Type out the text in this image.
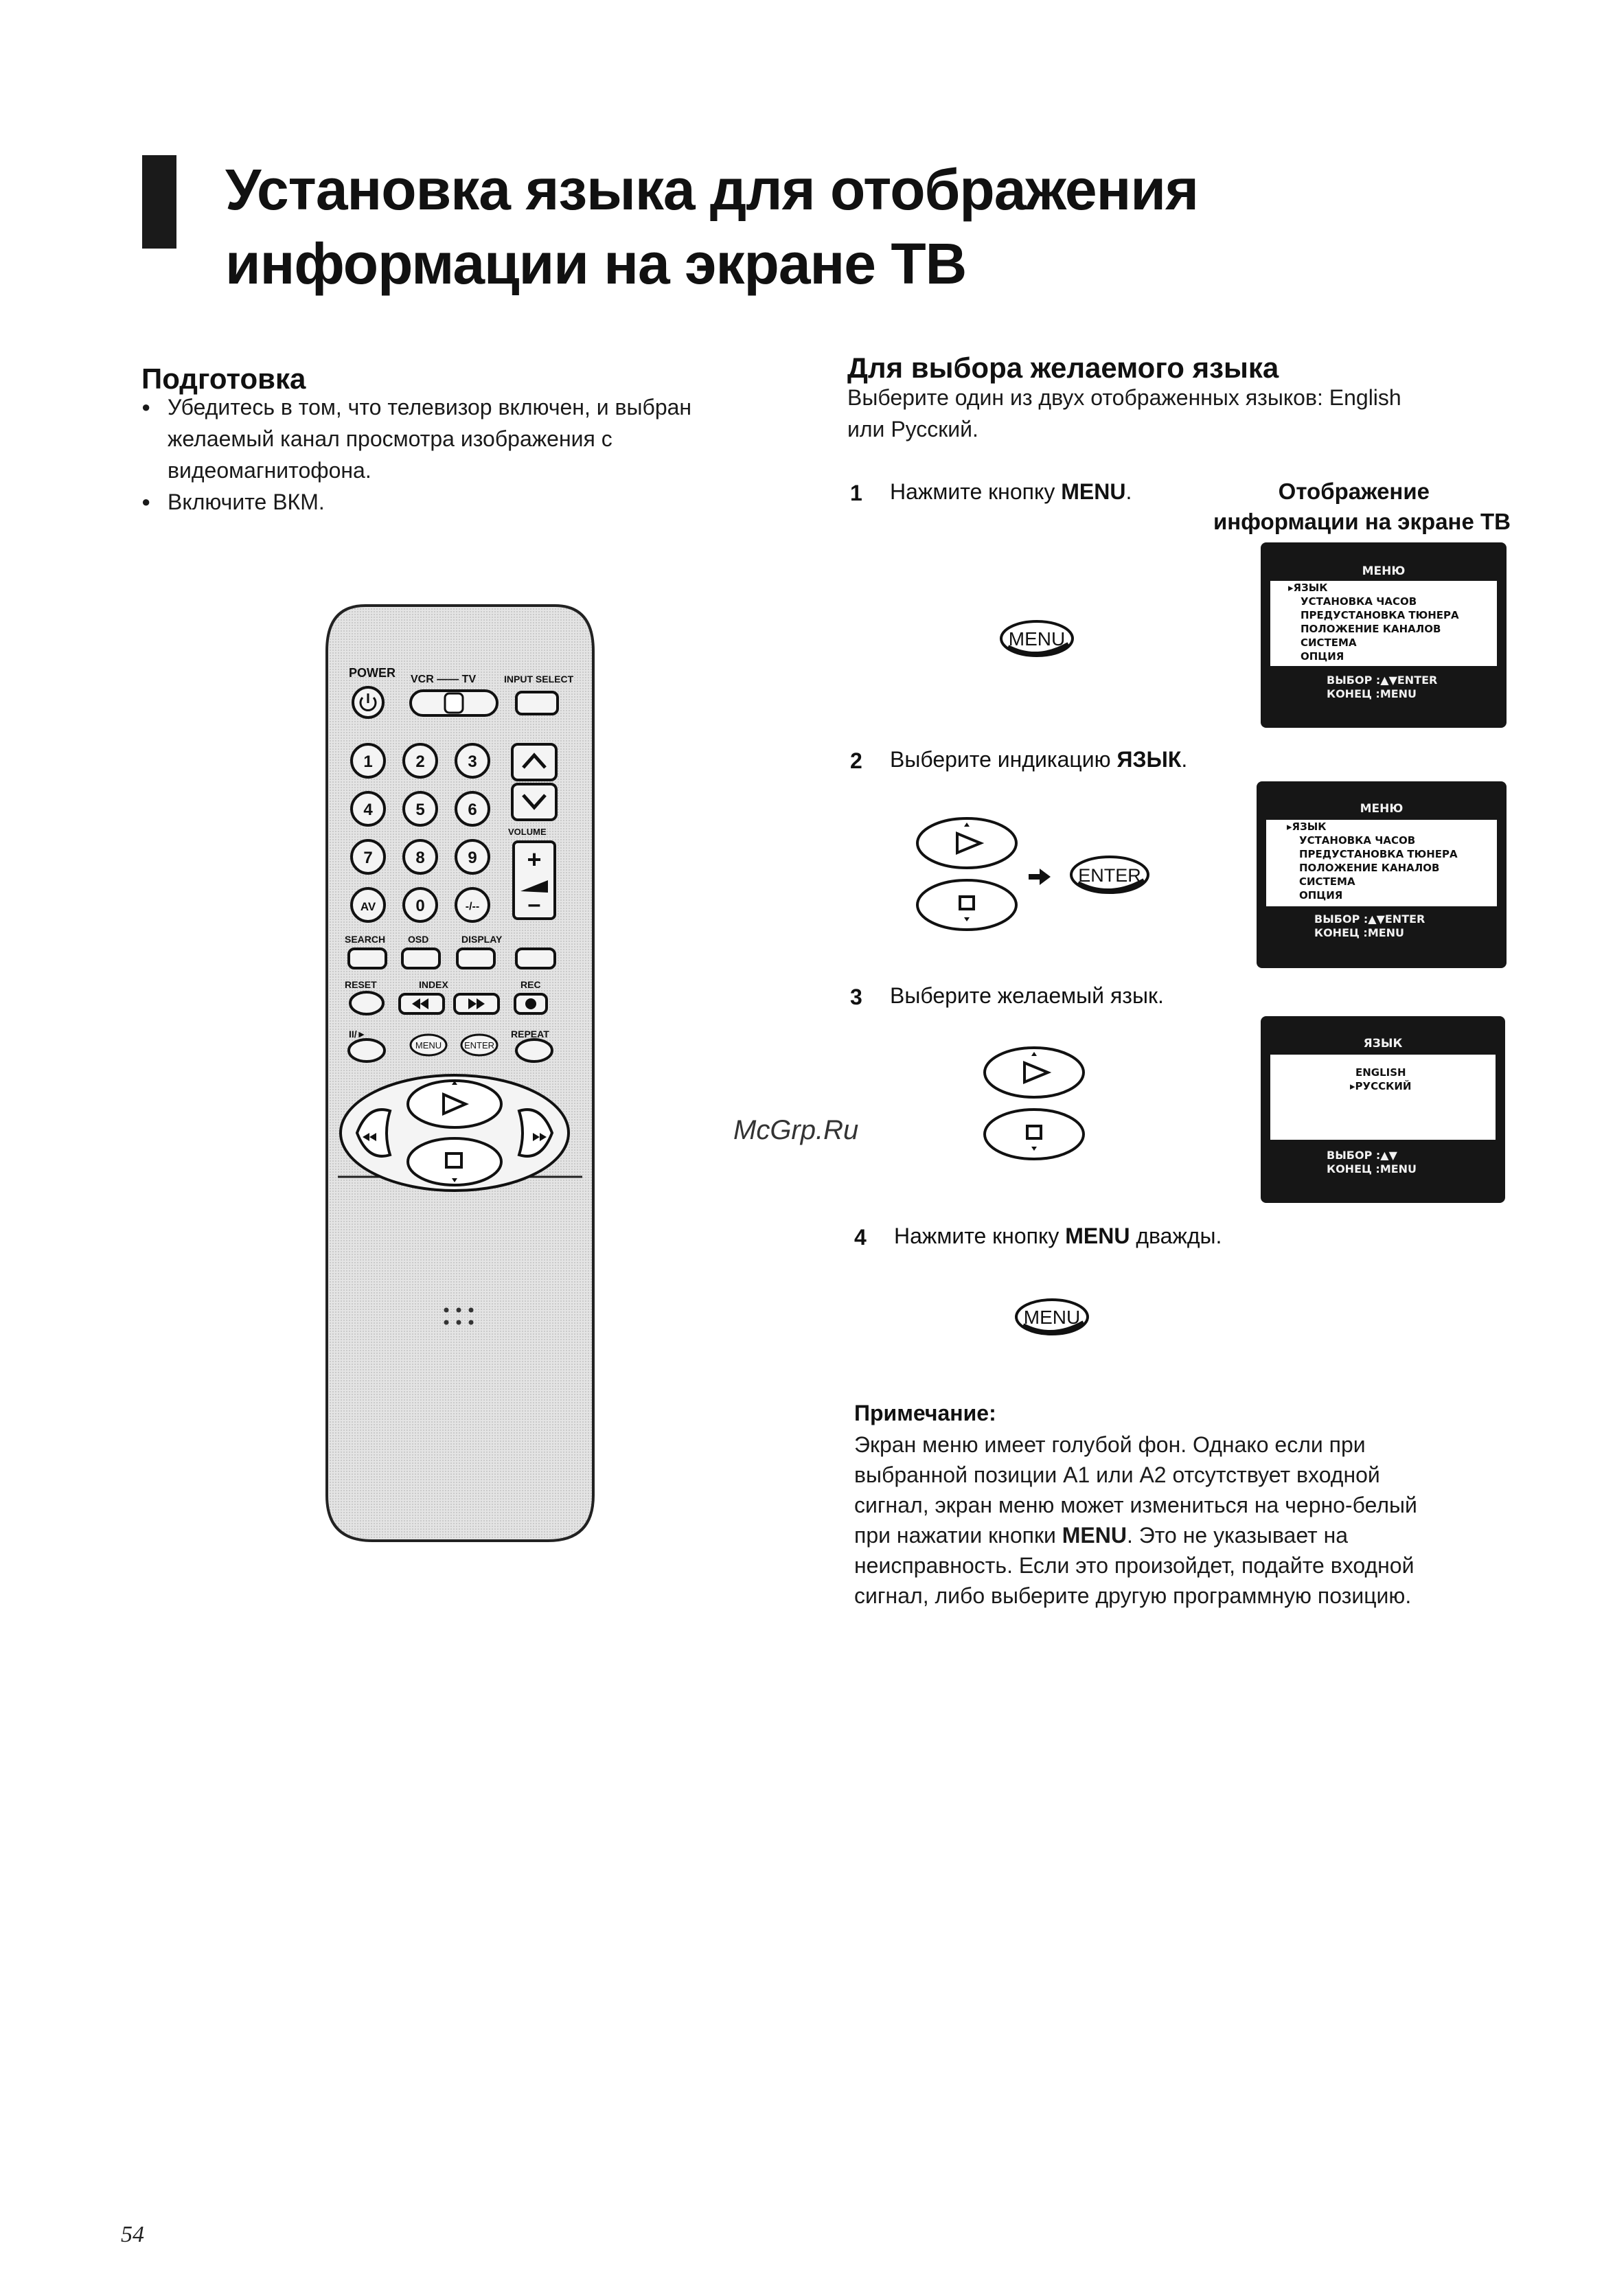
Установка языка для отображения
информации на экране ТВ
Подготовка
● Убедитесь в том, что телевизор включен, и выбран желаемый канал просмотра изображения с видеомагнитофона.
● Включите ВКМ.
POWER VCR —— TV	INPUT SELECT
1	2	3
4	5	6
7	8	9
AV 0	-/--
VOLUME
+
–
SEARCH OSD	DISPLAY
RESET	INDEX	REC
II/►	REPEAT
MENU	ENTER
Для выбора желаемого языка
Выберите один из двух отображенных языков: English
или Русский.
1 Нажмите кнопку MENU.	Отображение
информации на экране ТВ
MENU
МЕНЮ
▸ЯЗЫК
УСТАНОВКА ЧАСОВ
ПРЕДУСТАНОВКА ТЮНЕРА
ПОЛОЖЕНИЕ КАНАЛОВ
СИСТЕМА
ОПЦИЯ
ВЫБОР :▲▼ENTER
КОНЕЦ :MENU
2 Выберите индикацию ЯЗЫК.
ENTER
МЕНЮ
▸ЯЗЫК
УСТАНОВКА ЧАСОВ
ПРЕДУСТАНОВКА ТЮНЕРА
ПОЛОЖЕНИЕ КАНАЛОВ
СИСТЕМА
ОПЦИЯ
ВЫБОР :▲▼ENTER
КОНЕЦ :MENU
3 Выберите желаемый язык.
ЯЗЫК
ENGLISH
▸РУССКИЙ
ВЫБОР :▲▼
КОНЕЦ :MENU
McGrp.Ru
4 Нажмите кнопку MENU дважды.
MENU
Примечание:
Экран меню имеет голубой фон. Однако если при
выбранной позиции A1 или A2 отсутствует входной
сигнал, экран меню может измениться на черно-белый
при нажатии кнопки MENU. Это не указывает на
неисправность. Если это произойдет, подайте входной
сигнал, либо выберите другую программную позицию.
54
